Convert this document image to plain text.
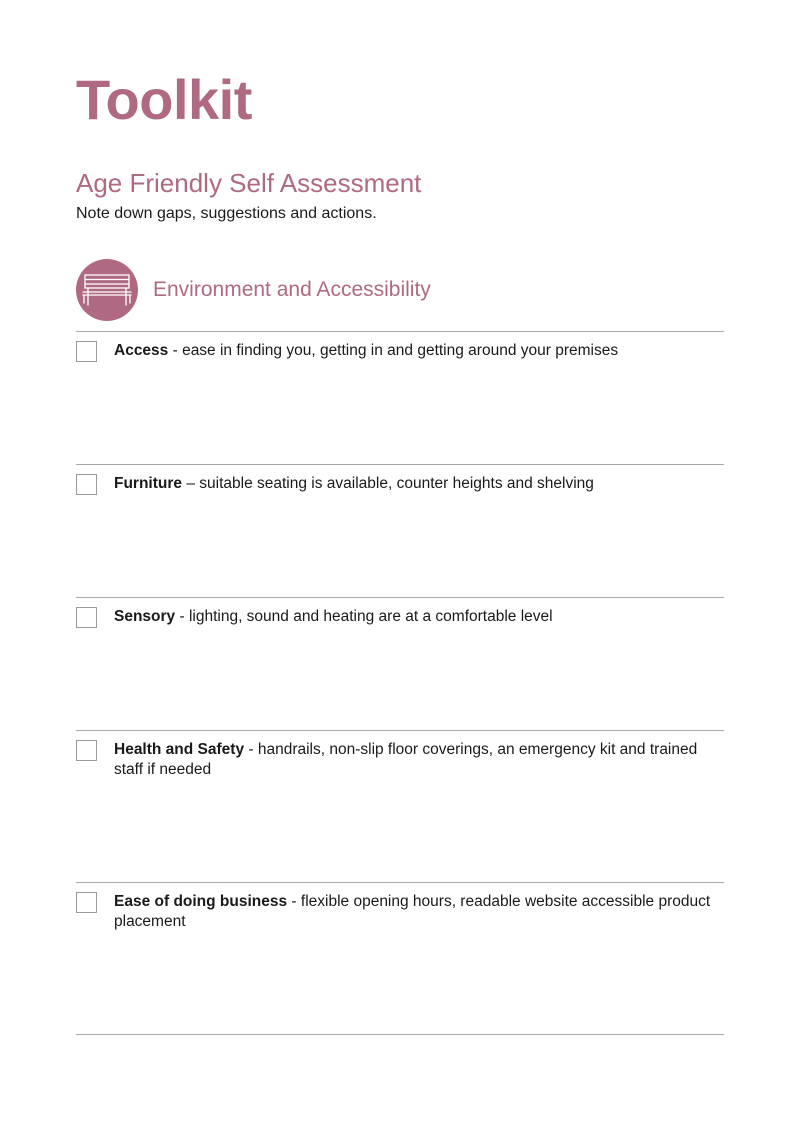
Toolkit
Age Friendly Self Assessment

Note down gaps, suggestions and actions.

Environment and Accessibility
Access - ease in finding you, getting in and getting around your premises
Furniture – suitable seating is available, counter heights and shelving
Sensory - lighting, sound and heating are at a comfortable level
Health and Safety - handrails, non-slip floor coverings, an emergency kit and trained staff if needed
Ease of doing business - flexible opening hours, readable website accessible product placement
